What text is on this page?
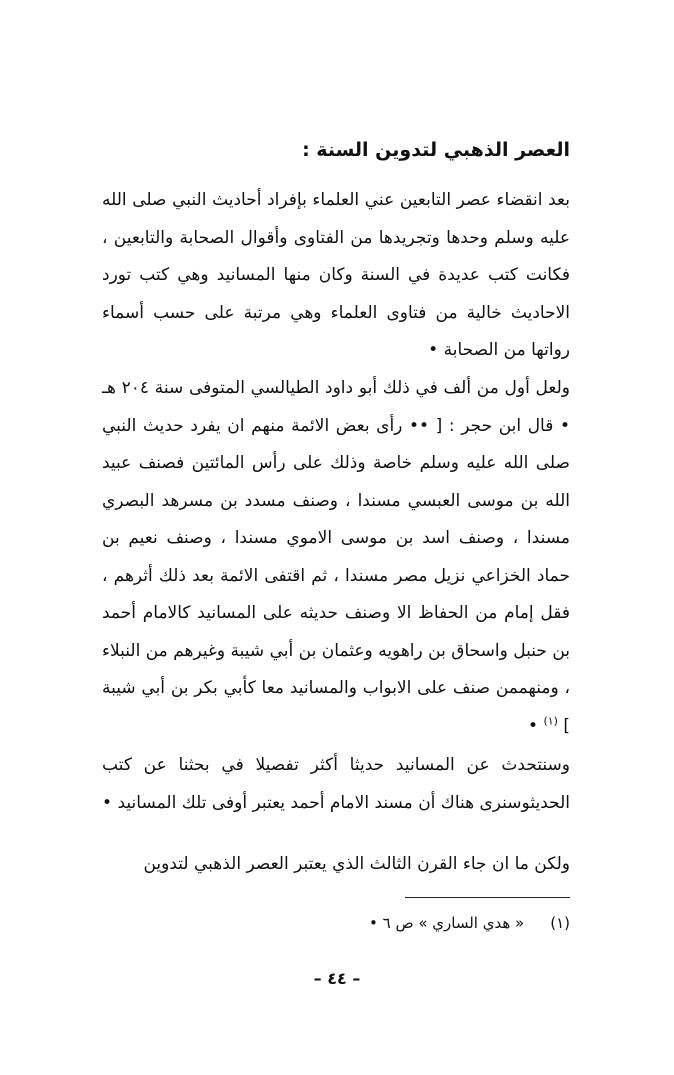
العصر الذهبي لتدوين السنة :

بعد انقضاء عصر التابعين عني العلماء بإفراد أحاديث النبي صلى الله عليه وسلم وحدها وتجريدها من الفتاوى وأقوال الصحابة والتابعين ، فكانت كتب عديدة في السنة وكان منها المسانيد وهي كتب تورد الاحاديث خالية من فتاوى العلماء وهي مرتبة على حسب أسماء رواتها من الصحابة •

ولعل أول من ألف في ذلك أبو داود الطيالسي المتوفى سنة ٢٠٤ هـ • قال ابن حجر : [ •• رأى بعض الائمة منهم ان يفرد حديث النبي صلى الله عليه وسلم خاصة وذلك على رأس المائتين فصنف عبيد الله بن موسى العبسي مسندا ، وصنف مسدد بن مسرهد البصري مسندا ، وصنف اسد بن موسى الاموي مسندا ، وصنف نعيم بن حماد الخزاعي نزيل مصر مسندا ، ثم اقتفى الائمة بعد ذلك أثرهم ، فقل إمام من الحفاظ الا وصنف حديثه على المسانيد كالامام أحمد بن حنبل واسحاق بن راهويه وعثمان بن أبي شيبة وغيرهم من النبلاء ، ومنهممن صنف على الابواب والمسانيد معا كأبي بكر بن أبي شيبة ] $^{(١)}$ •

وسنتحدث عن المسانيد حديثا أكثر تفصيلا في بحثنا عن كتب الحديثوسنرى هناك أن مسند الامام أحمد يعتبر أوفى تلك المسانيد •

ولكن ما ان جاء القرن الثالث الذي يعتبر العصر الذهبي لتدوين

(١)« هدي الساري » ص ٦ •
– ٤٤ –
